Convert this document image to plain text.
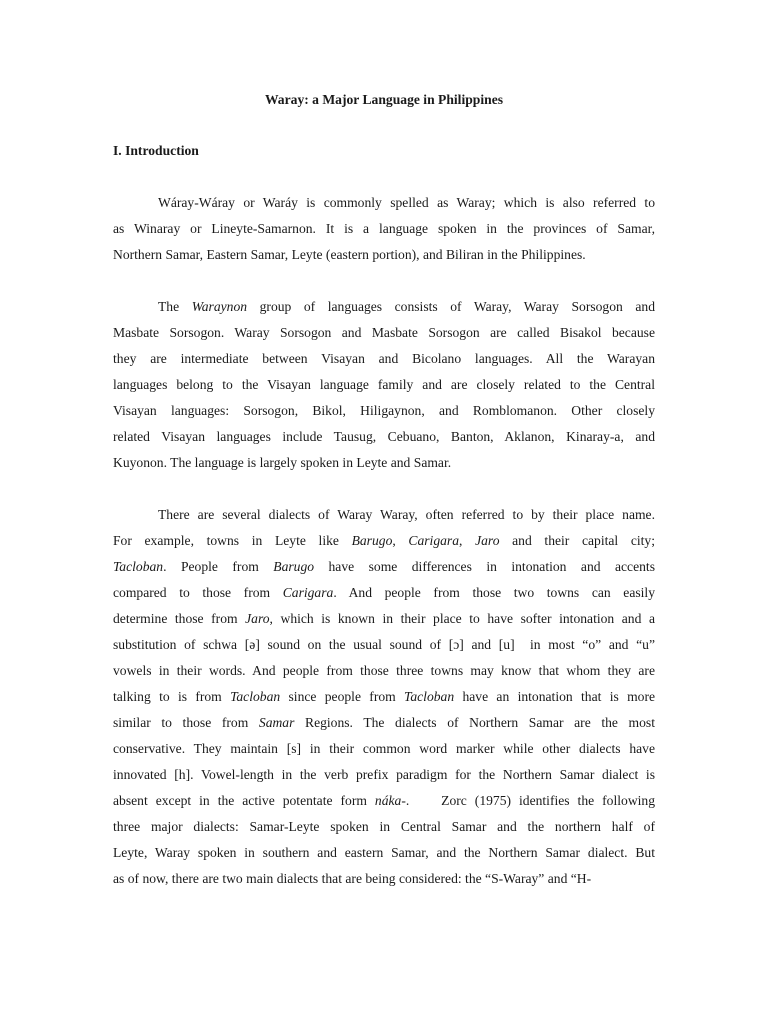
Waray: a Major Language in Philippines
I. Introduction
Wáray-Wáray or Waráy is commonly spelled as Waray; which is also referred to
as Winaray or Lineyte-Samarnon. It is a language spoken in the provinces of Samar,
Northern Samar, Eastern Samar, Leyte (eastern portion), and Biliran in the Philippines.
The Waraynon group of languages consists of Waray, Waray Sorsogon and
Masbate Sorsogon. Waray Sorsogon and Masbate Sorsogon are called Bisakol because
they are intermediate between Visayan and Bicolano languages. All the Warayan
languages belong to the Visayan language family and are closely related to the Central
Visayan languages: Sorsogon, Bikol, Hiligaynon, and Romblomanon. Other closely
related Visayan languages include Tausug, Cebuano, Banton, Aklanon, Kinaray-a, and
Kuyonon. The language is largely spoken in Leyte and Samar.
There are several dialects of Waray Waray, often referred to by their place name.
For example, towns in Leyte like Barugo, Carigara, Jaro and their capital city;
Tacloban. People from Barugo have some differences in intonation and accents
compared to those from Carigara. And people from those two towns can easily
determine those from Jaro, which is known in their place to have softer intonation and a
substitution of schwa [ə] sound on the usual sound of [ɔ] and [u]  in most “o” and “u”
vowels in their words. And people from those three towns may know that whom they are
talking to is from Tacloban since people from Tacloban have an intonation that is more
similar to those from Samar Regions. The dialects of Northern Samar are the most
conservative. They maintain [s] in their common word marker while other dialects have
innovated [h]. Vowel-length in the verb prefix paradigm for the Northern Samar dialect is
absent except in the active potentate form náka-.    Zorc (1975) identifies the following
three major dialects: Samar-Leyte spoken in Central Samar and the northern half of
Leyte, Waray spoken in southern and eastern Samar, and the Northern Samar dialect. But
as of now, there are two main dialects that are being considered: the “S-Waray” and “H-
